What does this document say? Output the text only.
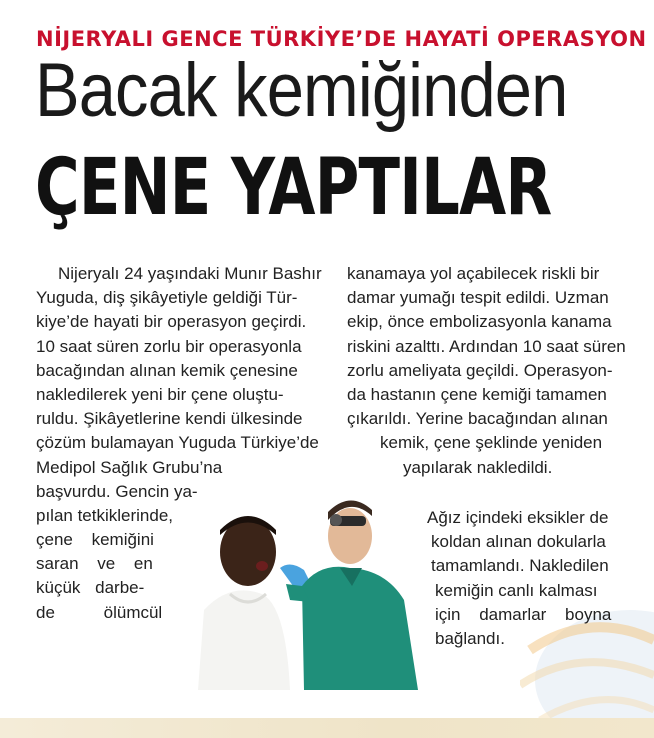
NİJERYALI GENCE TÜRKİYE’DE HAYATİ OPERASYON
Bacak kemiğinden
ÇENE YAPTILAR
Nijeryalı 24 yaşındaki Munır Bashır
Yuguda, diş şikâyetiyle geldiği Tür-
kiye’de hayati bir operasyon geçirdi.
10 saat süren zorlu bir operasyonla
bacağından alınan kemik çenesine
nakledilerek yeni bir çene oluştu-
ruldu. Şikâyetlerine kendi ülkesinde
çözüm bulamayan Yuguda Türkiye’de
Medipol Sağlık Grubu’na
başvurdu. Gencin ya-
pılan tetkiklerinde,
çene kemiğini
saran ve en
küçük darbe-
de ölümcül
kanamaya yol açabilecek riskli bir
damar yumağı tespit edildi. Uzman
ekip, önce embolizasyonla kanama
riskini azalttı. Ardından 10 saat süren
zorlu ameliyata geçildi. Operasyon-
da hastanın çene kemiği tamamen
çıkarıldı. Yerine bacağından alınan
kemik, çene şeklinde yeniden
yapılarak nakledildi.
Ağız içindeki eksikler de
koldan alınan dokularla
tamamlandı. Nakledilen
kemiğin canlı kalması
için damarlar boyna
bağlandı.
